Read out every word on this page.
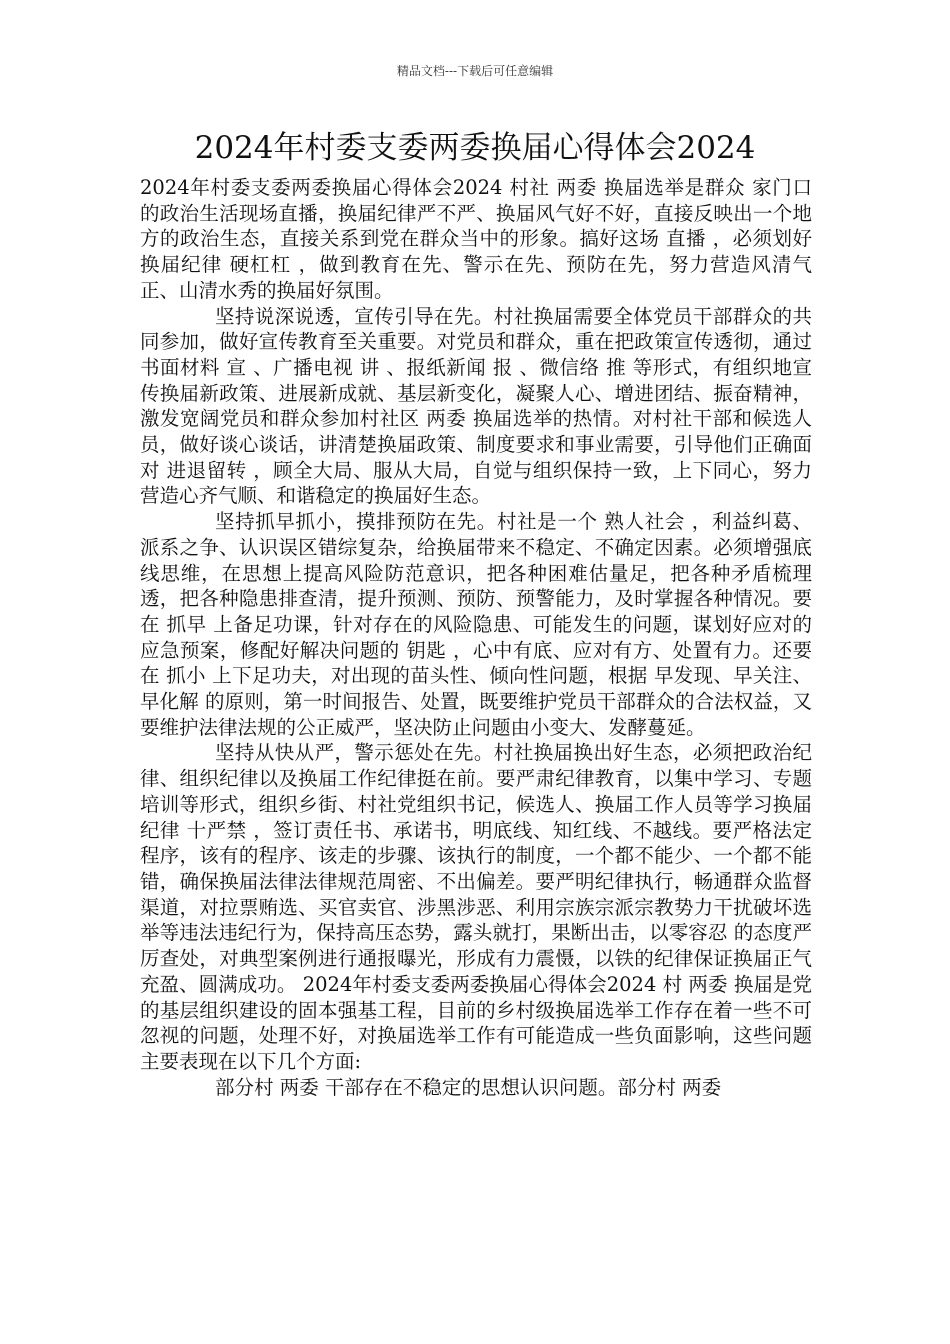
精品文档---下载后可任意编辑
2024年村委支委两委换届心得体会2024

2024年村委支委两委换届心得体会2024 村社 两委 换届选举是群众 家门口 的政治生活现场直播，换届纪律严不严、换届风气好不好，直接反映出一个地方的政治生态，直接关系到党在群众当中的形象。搞好这场 直播 ，必须划好换届纪律 硬杠杠 ，做到教育在先、警示在先、预防在先，努力营造风清气正、山清水秀的换届好氛围。

坚持说深说透，宣传引导在先。村社换届需要全体党员干部群众的共同参加，做好宣传教育至关重要。对党员和群众，重在把政策宣传透彻，通过书面材料 宣 、广播电视 讲 、报纸新闻 报 、微信络 推 等形式，有组织地宣传换届新政策、进展新成就、基层新变化，凝聚人心、增进团结、振奋精神，激发宽阔党员和群众参加村社区 两委 换届选举的热情。对村社干部和候选人员，做好谈心谈话，讲清楚换届政策、制度要求和事业需要，引导他们正确面对 进退留转 ，顾全大局、服从大局，自觉与组织保持一致，上下同心，努力营造心齐气顺、和谐稳定的换届好生态。

坚持抓早抓小，摸排预防在先。村社是一个 熟人社会 ，利益纠葛、派系之争、认识误区错综复杂，给换届带来不稳定、不确定因素。必须增强底线思维，在思想上提高风险防范意识，把各种困难估量足，把各种矛盾梳理透，把各种隐患排查清，提升预测、预防、预警能力，及时掌握各种情况。要在 抓早 上备足功课，针对存在的风险隐患、可能发生的问题，谋划好应对的应急预案，修配好解决问题的 钥匙 ，心中有底、应对有方、处置有力。还要在 抓小 上下足功夫，对出现的苗头性、倾向性问题，根据 早发现、早关注、早化解 的原则，第一时间报告、处置，既要维护党员干部群众的合法权益，又要维护法律法规的公正威严，坚决防止问题由小变大、发酵蔓延。

坚持从快从严，警示惩处在先。村社换届换出好生态，必须把政治纪律、组织纪律以及换届工作纪律挺在前。要严肃纪律教育，以集中学习、专题培训等形式，组织乡街、村社党组织书记，候选人、换届工作人员等学习换届纪律 十严禁 ，签订责任书、承诺书，明底线、知红线、不越线。要严格法定程序，该有的程序、该走的步骤、该执行的制度，一个都不能少、一个都不能错，确保换届法律法律规范周密、不出偏差。要严明纪律执行，畅通群众监督渠道，对拉票贿选、买官卖官、涉黑涉恶、利用宗族宗派宗教势力干扰破坏选举等违法违纪行为，保持高压态势，露头就打，果断出击，以零容忍 的态度严厉查处，对典型案例进行通报曝光，形成有力震慑，以铁的纪律保证换届正气充盈、圆满成功。 2024年村委支委两委换届心得体会2024 村 两委 换届是党的基层组织建设的固本强基工程，目前的乡村级换届选举工作存在着一些不可忽视的问题，处理不好，对换届选举工作有可能造成一些负面影响，这些问题主要表现在以下几个方面:

部分村 两委 干部存在不稳定的思想认识问题。部分村 两委
